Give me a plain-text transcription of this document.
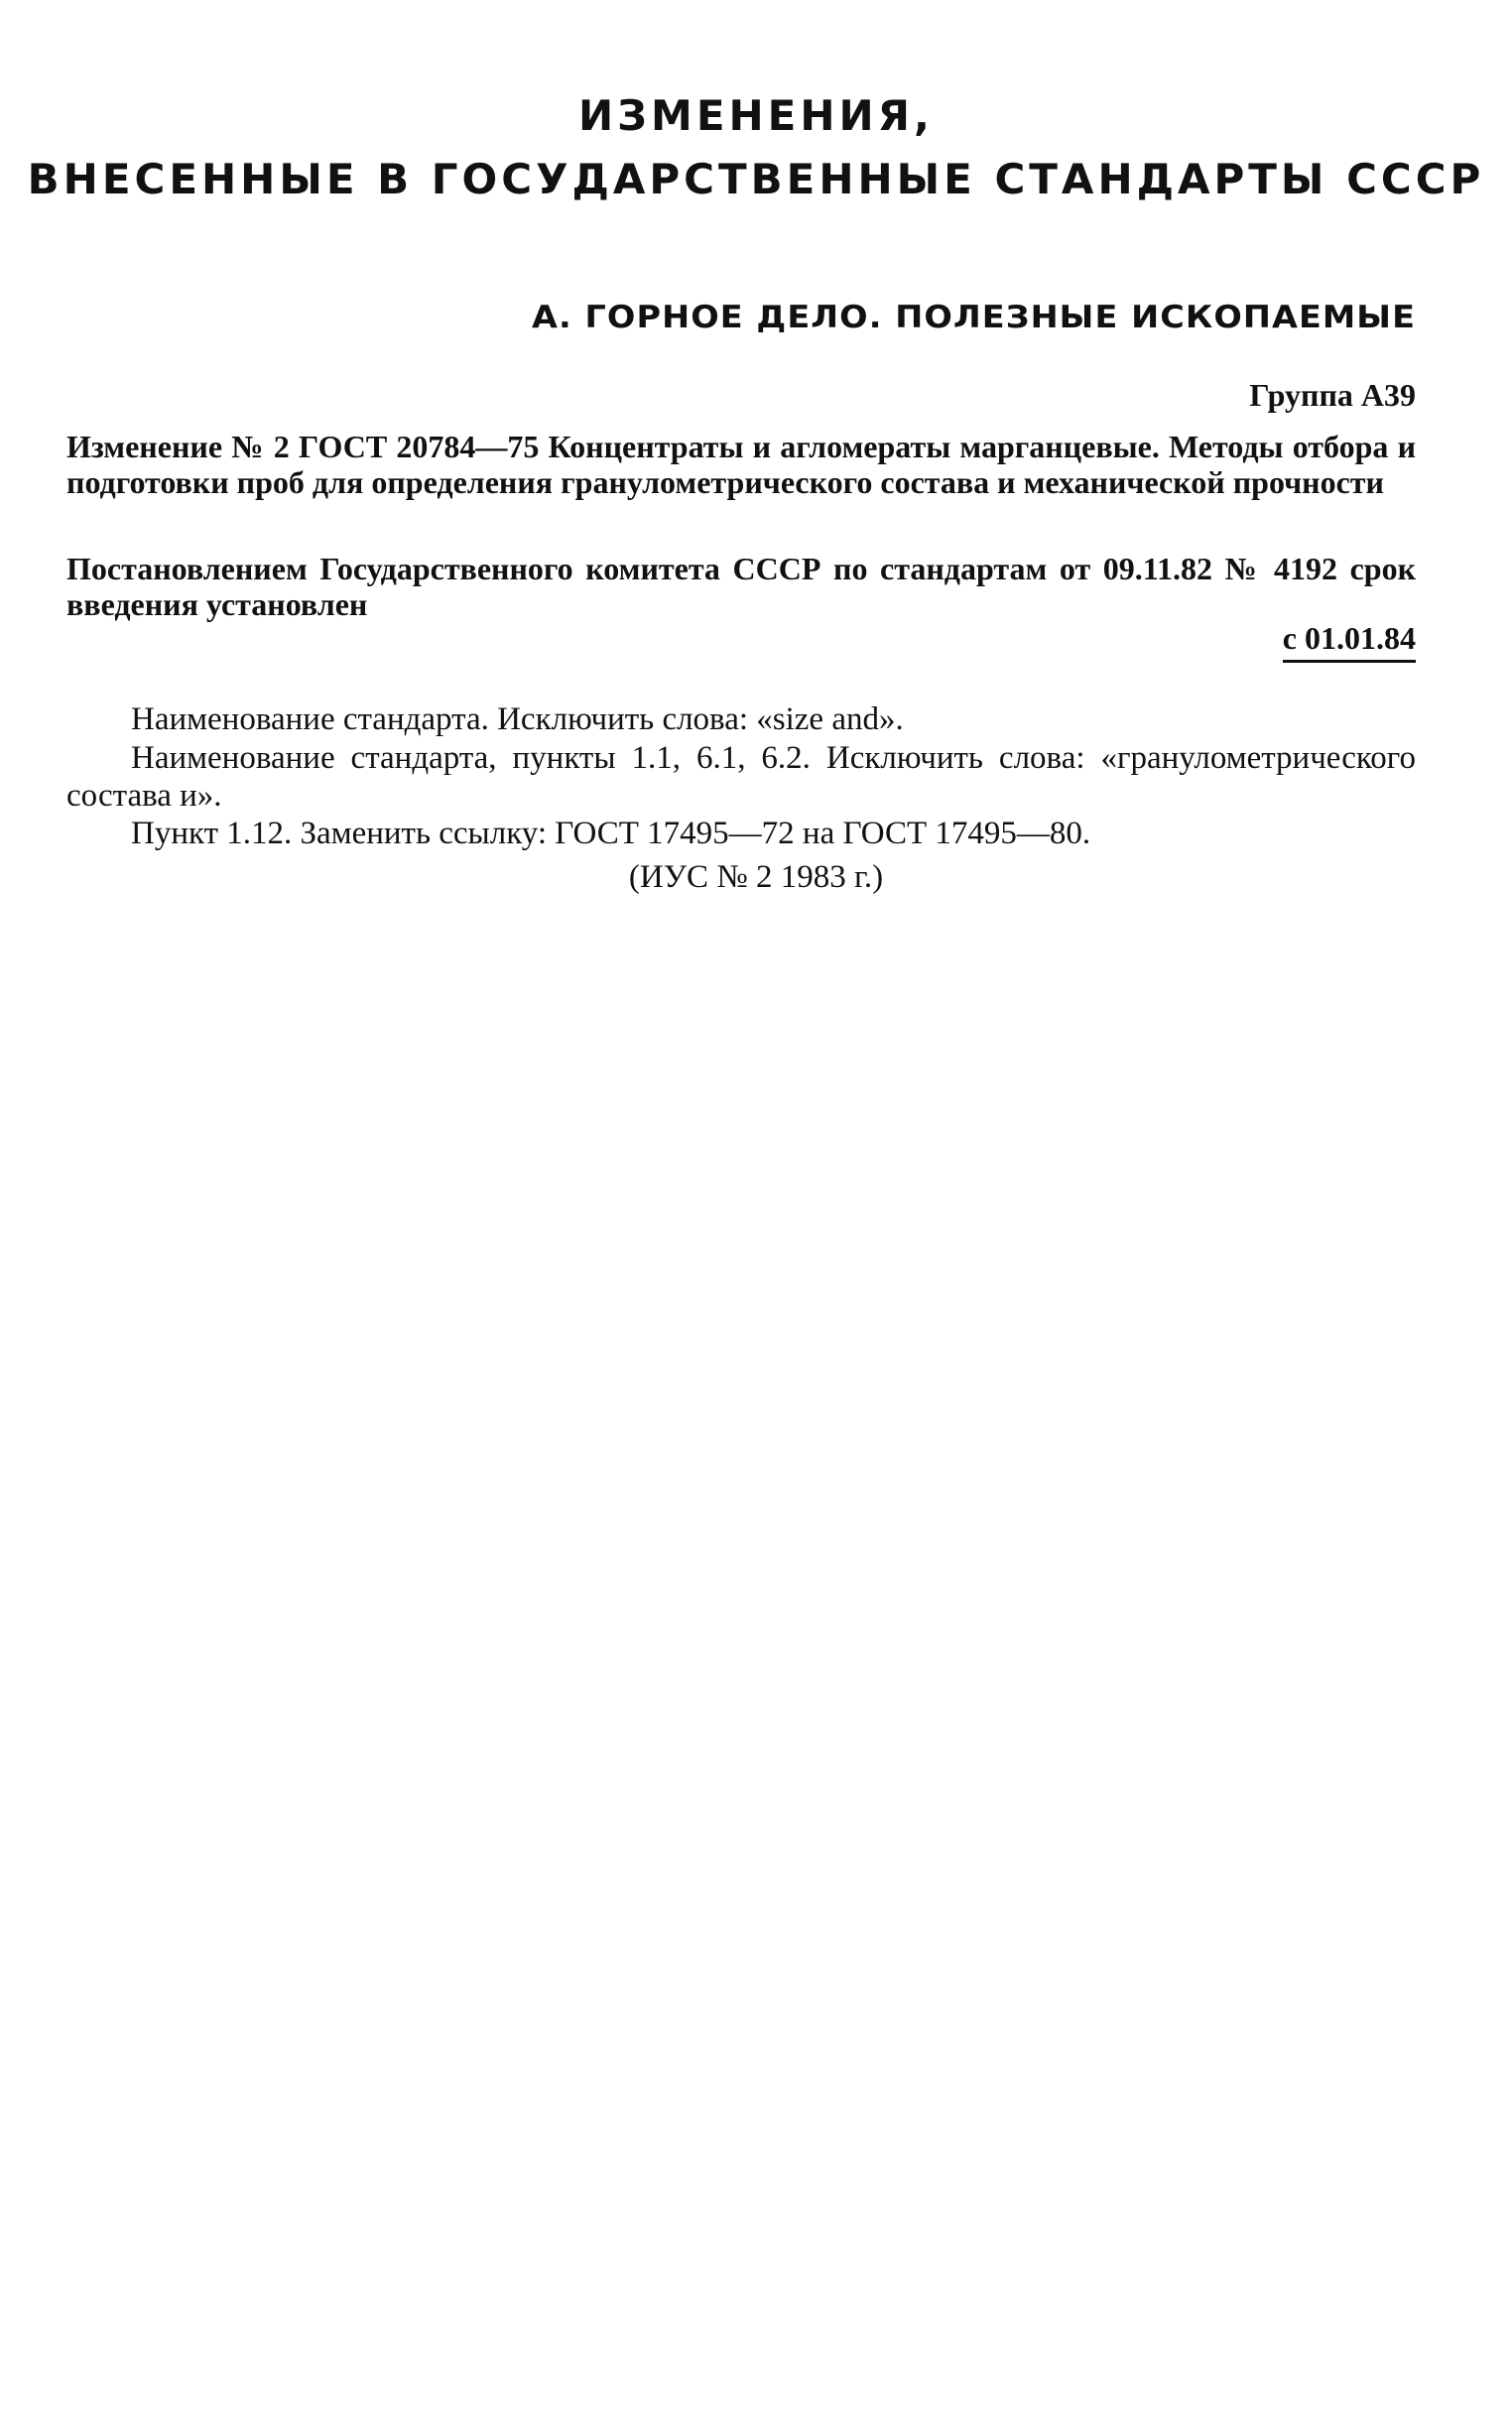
ИЗМЕНЕНИЯ,
ВНЕСЕННЫЕ В ГОСУДАРСТВЕННЫЕ СТАНДАРТЫ СССР
А. ГОРНОЕ ДЕЛО. ПОЛЕЗНЫЕ ИСКОПАЕМЫЕ
Группа А39
Изменение № 2 ГОСТ 20784—75 Концентраты и агломераты марганцевые. Методы отбора и подготовки проб для определения гранулометрического состава и механической прочности
Постановлением Государственного комитета СССР по стандартам от 09.11.82 № 4192 срок введения установлен
с 01.01.84

Наименование стандарта. Исключить слова: «size and».

Наименование стандарта, пункты 1.1, 6.1, 6.2. Исключить слова: «гранулометрического состава и».

Пункт 1.12. Заменить ссылку: ГОСТ 17495—72 на ГОСТ 17495—80.

(ИУС № 2 1983 г.)
